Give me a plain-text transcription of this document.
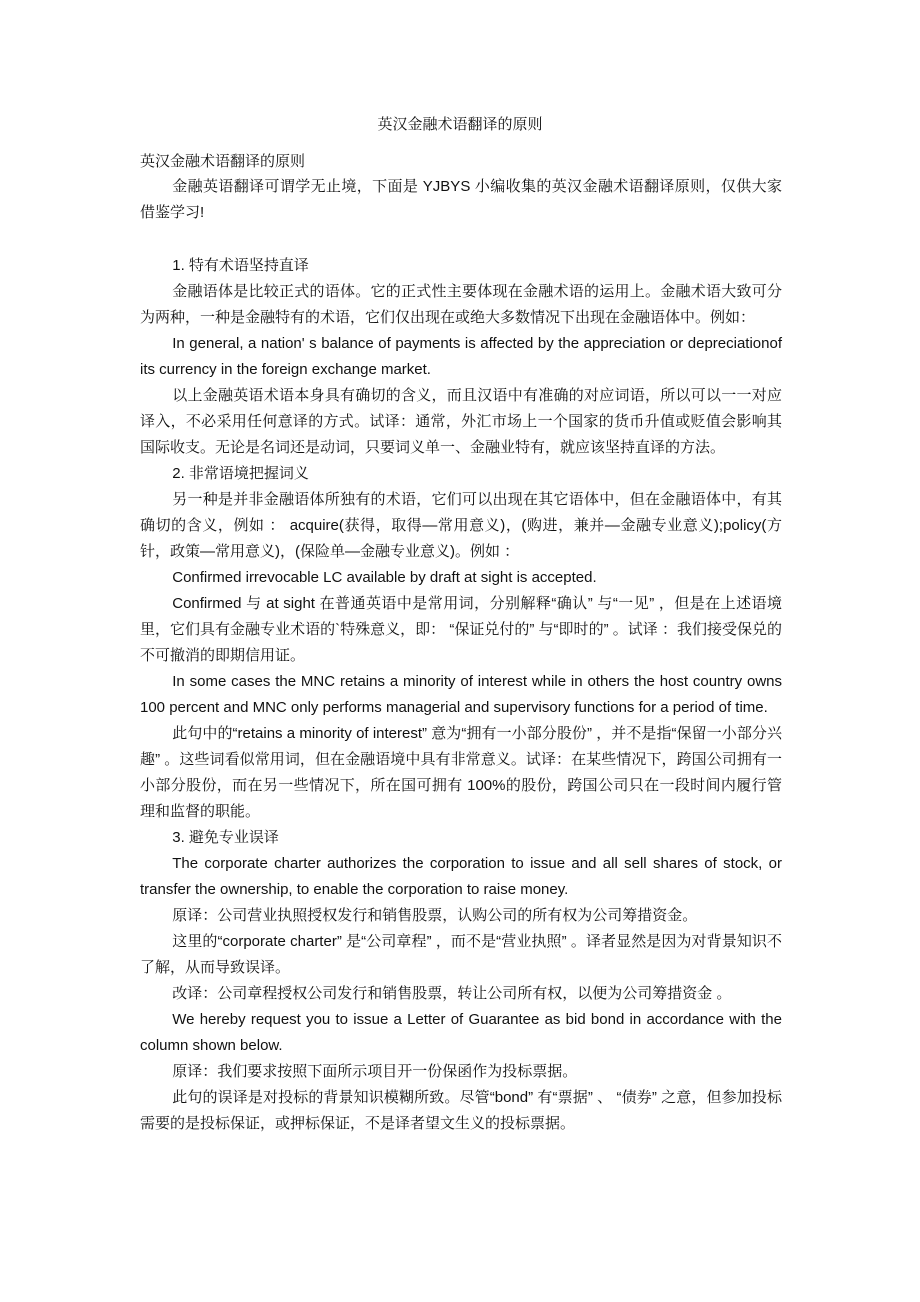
英汉金融术语翻译的原则

英汉金融术语翻译的原则

金融英语翻译可谓学无止境，下面是 YJBYS 小编收集的英汉金融术语翻译原则，仅供大家借鉴学习!

1. 特有术语坚持直译

金融语体是比较正式的语体。它的正式性主要体现在金融术语的运用上。金融术语大致可分为两种，一种是金融特有的术语，它们仅出现在或绝大多数情况下出现在金融语体中。例如：

In general, a nation' s balance of payments is affected by the appreciation or depreciationof its currency in the foreign exchange market.

以上金融英语术语本身具有确切的含义，而且汉语中有准确的对应词语，所以可以一一对应译入，不必采用任何意译的方式。试译：通常，外汇市场上一个国家的货币升值或贬值会影响其国际收支。无论是名词还是动词，只要词义单一、金融业特有，就应该坚持直译的方法。

2. 非常语境把握词义

另一种是并非金融语体所独有的术语，它们可以出现在其它语体中，但在金融语体中，有其确切的含义，例如 ： acquire(获得，取得—常用意义)，(购进，兼并—金融专业意义);policy(方针，政策—常用意义)，(保险单—金融专业意义)。例如 ：

Confirmed irrevocable LC available by draft at sight is accepted.

Confirmed 与 at sight 在普通英语中是常用词，分别解释“确认” 与“一见” ，但是在上述语境里，它们具有金融专业术语的`特殊意义，即： “保证兑付的” 与“即时的” 。试译 ：我们接受保兑的不可撤消的即期信用证。

In some cases the MNC retains a minority of interest while in others the host country owns 100 percent and MNC only performs managerial and supervisory functions for a period of time.

此句中的“retains a minority of interest” 意为“拥有一小部分股份” ，并不是指“保留一小部分兴趣” 。这些词看似常用词，但在金融语境中具有非常意义。试译：在某些情况下，跨国公司拥有一小部分股份，而在另一些情况下，所在国可拥有 100%的股份，跨国公司只在一段时间内履行管理和监督的职能。

3. 避免专业误译

The corporate charter authorizes the corporation to issue and all sell shares of stock, or transfer the ownership, to enable the corporation to raise money.

原译：公司营业执照授权发行和销售股票，认购公司的所有权为公司筹措资金。

这里的“corporate charter” 是“公司章程” ，而不是“营业执照” 。译者显然是因为对背景知识不了解，从而导致误译。

改译：公司章程授权公司发行和销售股票，转让公司所有权，以便为公司筹措资金 。

We hereby request you to issue a Letter of Guarantee as bid bond in accordance with the column shown below.

原译：我们要求按照下面所示项目开一份保函作为投标票据。

此句的误译是对投标的背景知识模糊所致。尽管“bond” 有“票据” 、 “债券” 之意，但参加投标需要的是投标保证，或押标保证，不是译者望文生义的投标票据。
